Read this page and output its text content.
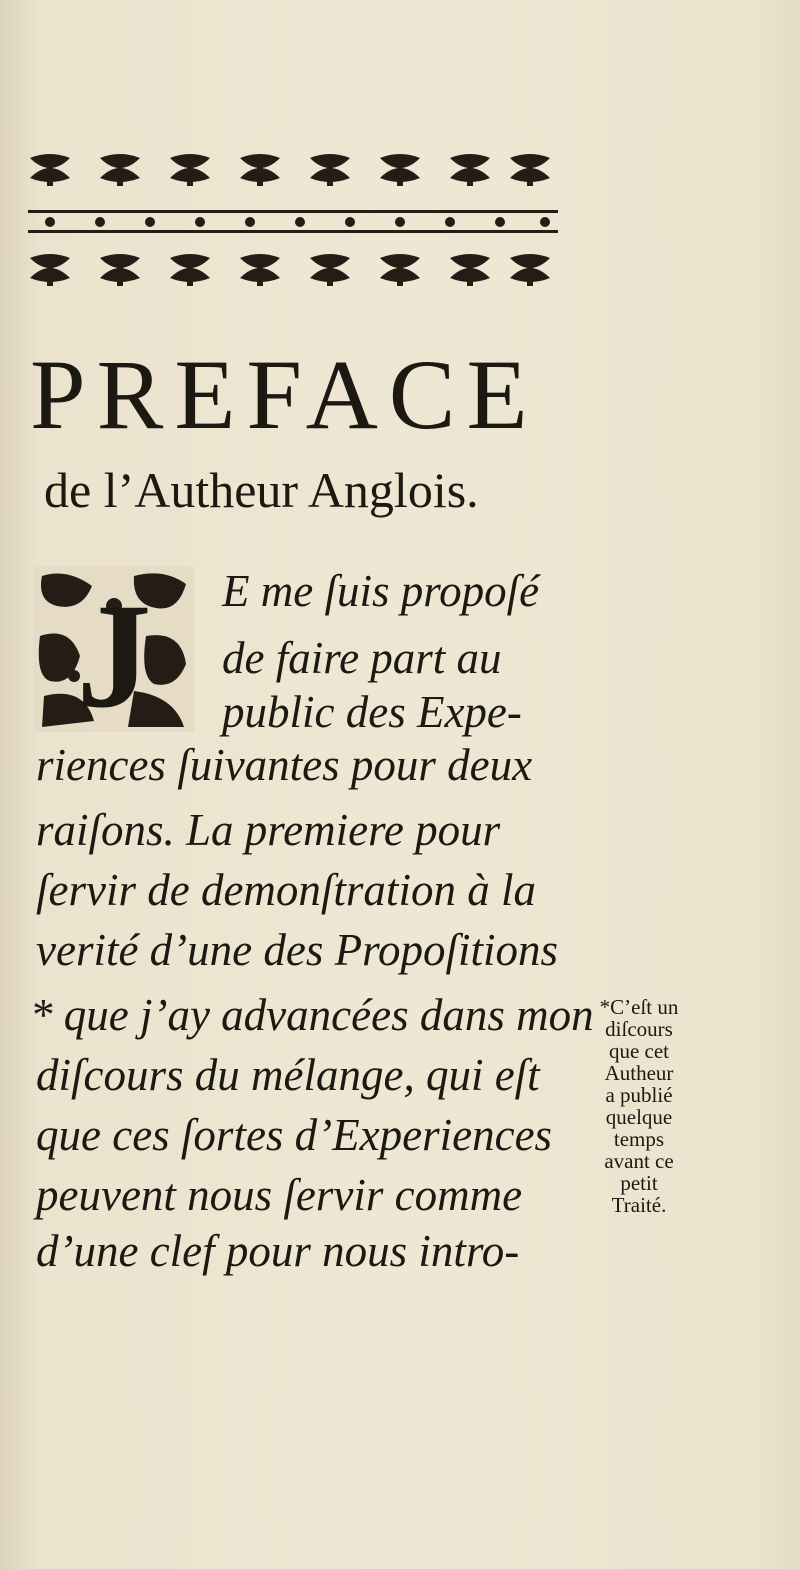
PREFACE
de l’Autheur Anglois.
J E me ſuis propoſé
de faire part au
public des Expe-
riences ſuivantes pour deux
raiſons. La premiere pour
ſervir de demonſtration à la
verité d’une des Propoſitions
* que j’ay advancées dans mon
diſcours du mélange, qui eſt
que ces ſortes d’Experiences
peuvent nous ſervir comme
d’une clef pour nous intro-
*C’eſt un
diſcours
que cet
Autheur
a publié
quelque
temps
avant ce
petit
Traité.
